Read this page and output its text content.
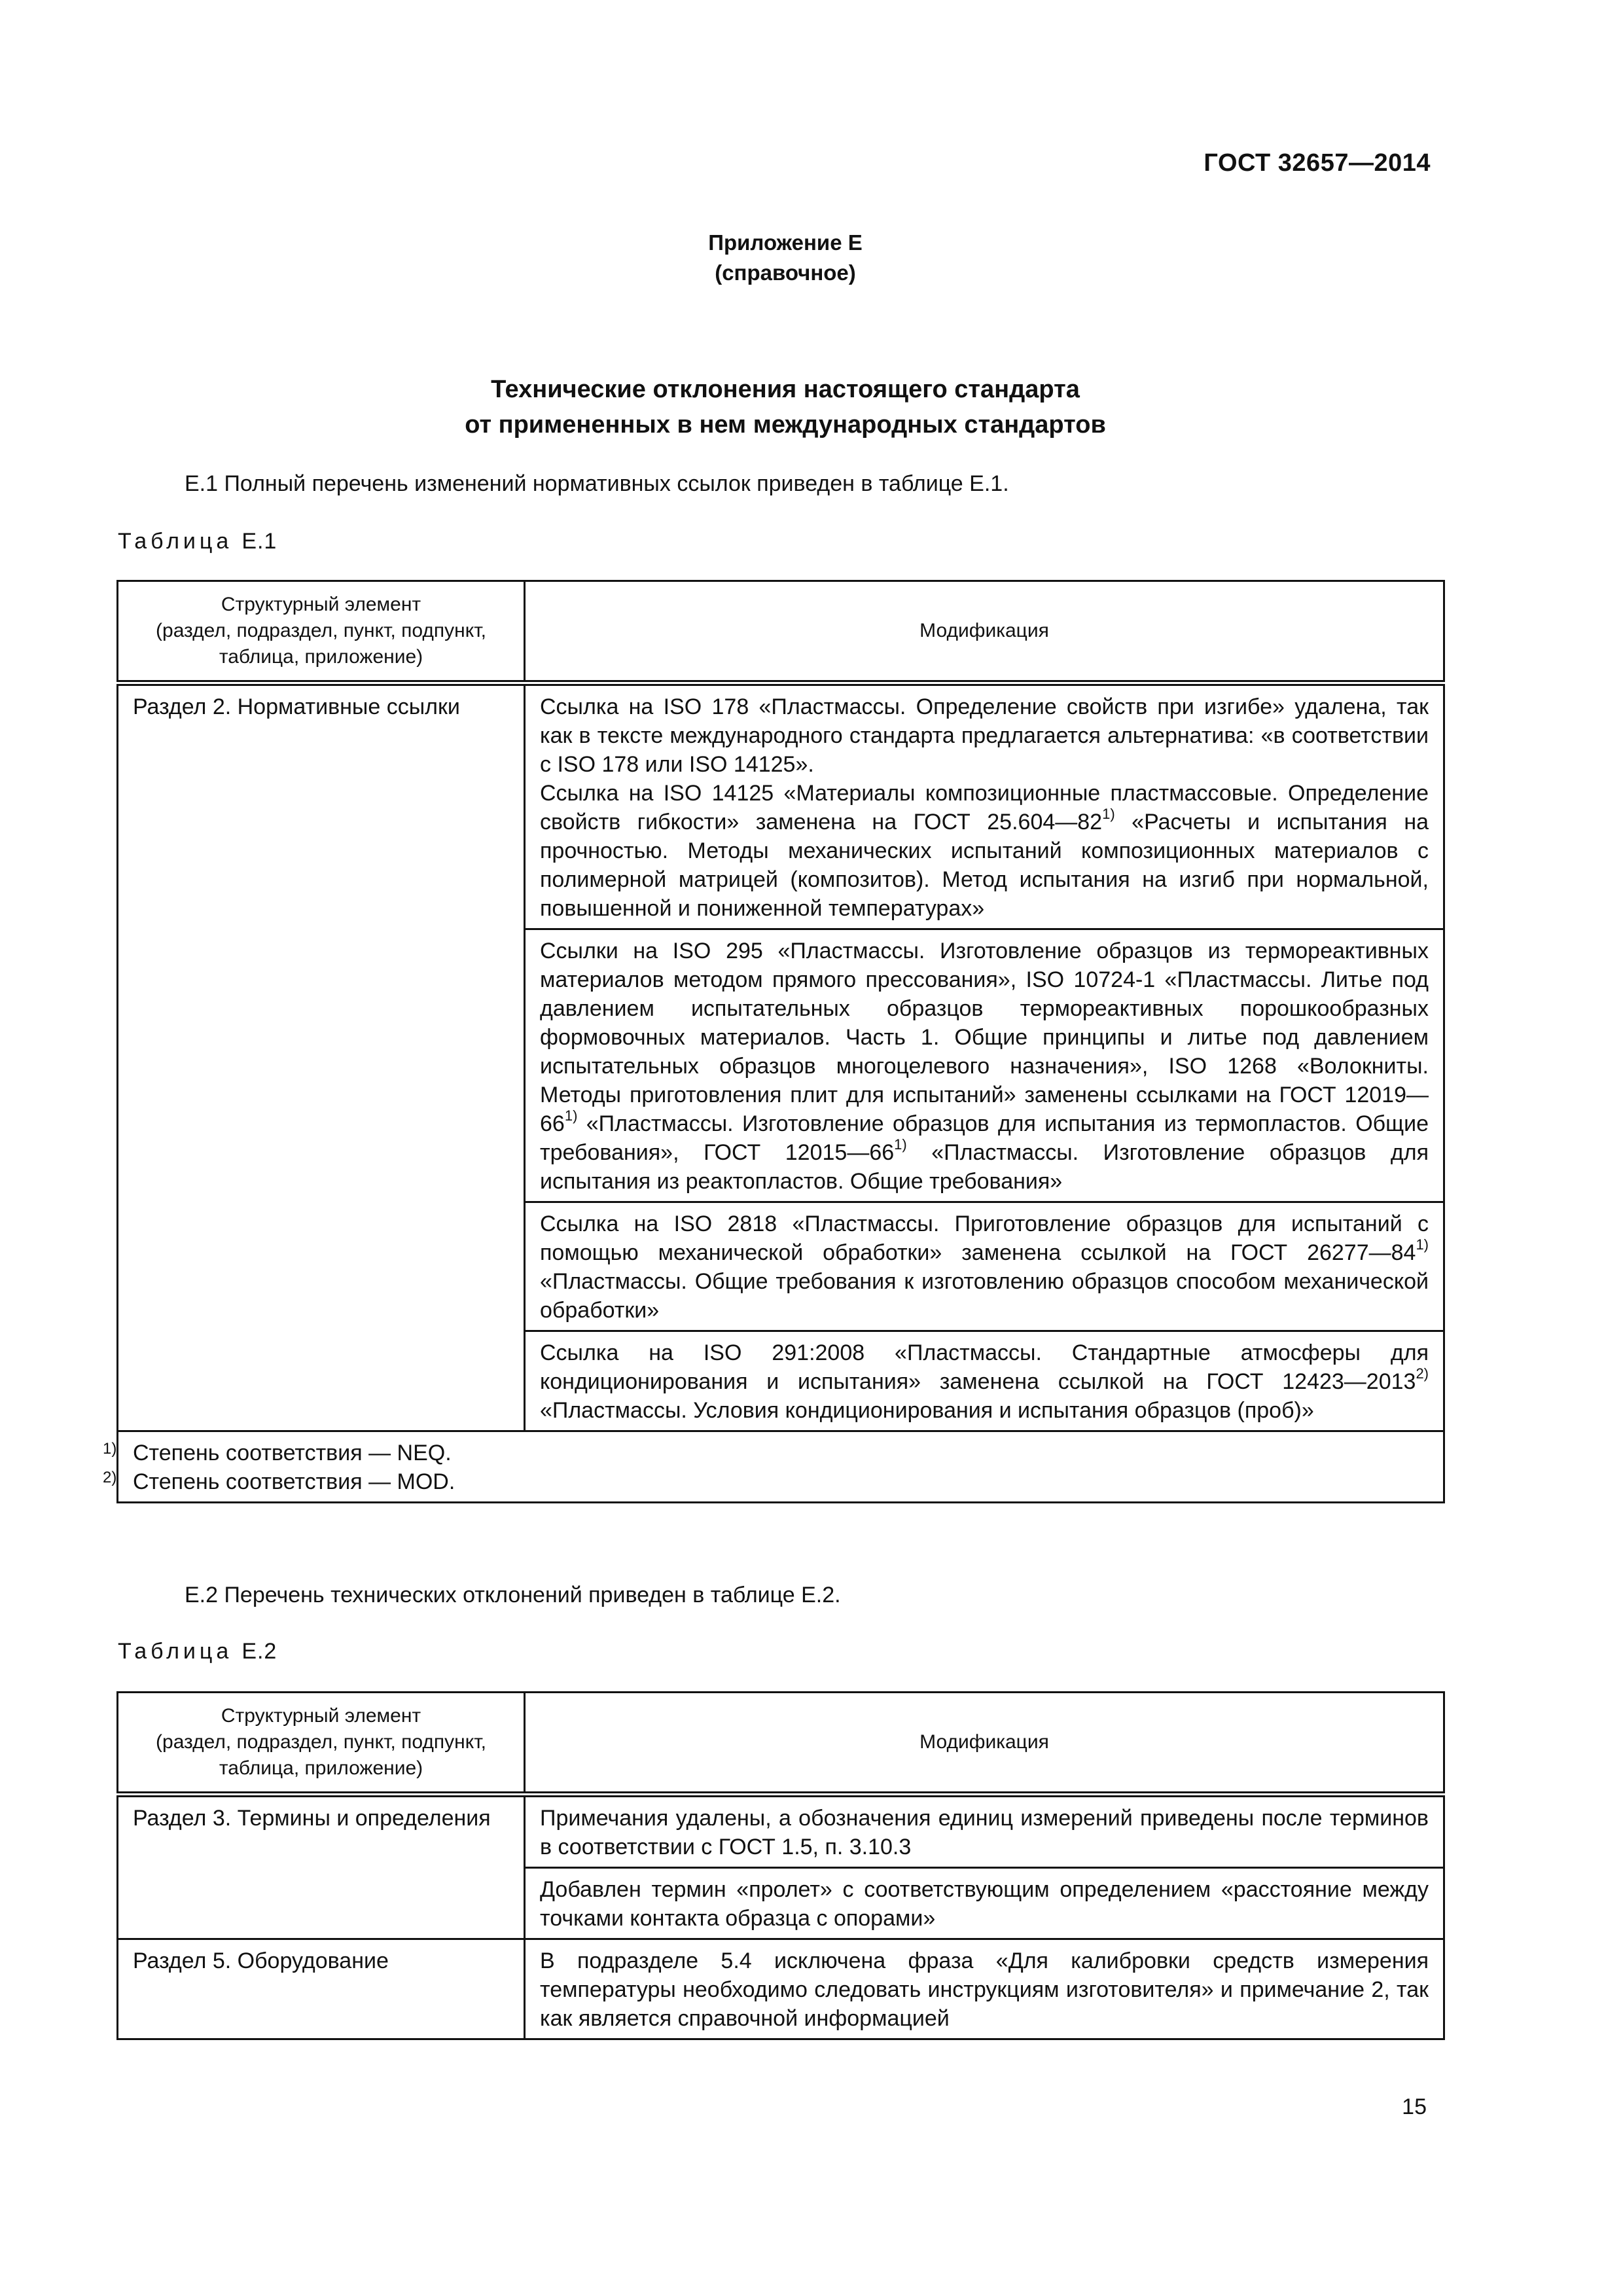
ГОСТ 32657—2014
Приложение Е
(справочное)
Технические отклонения настоящего стандарта
от примененных в нем международных стандартов
Е.1 Полный перечень изменений нормативных ссылок приведен в таблице Е.1.
Таблица Е.1
Структурный элемент
(раздел, подраздел, пункт, подпункт,
таблица, приложение)	Модификация
Раздел 2. Нормативные ссылки	Ссылка на ISO 178 «Пластмассы. Определение свойств при изгибе» удалена, так как в тексте международного стандарта предлагается альтернатива: «в соответствии с ISO 178 или ISO 14125».
Ссылка на ISO 14125 «Материалы композиционные пластмассовые. Определение свойств гибкости» заменена на ГОСТ 25.604—82$^{1)}$ «Расчеты и испытания на прочностью. Методы механических испытаний композиционных материалов с полимерной матрицей (композитов). Метод испытания на изгиб при нормальной, повышенной и пониженной температурах»

	Ссылки на ISO 295 «Пластмассы. Изготовление образцов из термореактивных материалов методом прямого прессования», ISO 10724-1 «Пластмассы. Литье под давлением испытательных образцов термореактивных порошкообразных формовочных материалов. Часть 1. Общие принципы и литье под давлением испытательных образцов многоцелевого назначения», ISO 1268 «Волокниты. Методы приготовления плит для испытаний» заменены ссылками на ГОСТ 12019—66$^{1)}$ «Пластмассы. Изготовление образцов для испытания из термопластов. Общие требования», ГОСТ 12015—66$^{1)}$ «Пластмассы. Изготовление образцов для испытания из реактопластов. Общие требования»
	Ссылка на ISO 2818 «Пластмассы. Приготовление образцов для испытаний с помощью механической обработки» заменена ссылкой на ГОСТ 26277—84$^{1)}$ «Пластмассы. Общие требования к изготовлению образцов способом механической обработки»
	Ссылка на ISO 291:2008 «Пластмассы. Стандартные атмосферы для кондиционирования и испытания» заменена ссылкой на ГОСТ 12423—2013$^{2)}$ «Пластмассы. Условия кондиционирования и испытания образцов (проб)»

1) Степень соответствия — NEQ.
2) Степень соответствия — MOD.	
Е.2 Перечень технических отклонений приведен в таблице Е.2.
Таблица Е.2
Структурный элемент
(раздел, подраздел, пункт, подпункт,
таблица, приложение)	Модификация
Раздел 3. Термины и определения	Примечания удалены, а обозначения единиц измерений приведены после терминов в соответствии с ГОСТ 1.5, п. 3.10.3
	Добавлен термин «пролет» с соответствующим определением «расстояние между точками контакта образца с опорами»
Раздел 5. Оборудование	В подразделе 5.4 исключена фраза «Для калибровки средств измерения температуры необходимо следовать инструкциям изготовителя» и примечание 2, так как является справочной информацией
15
